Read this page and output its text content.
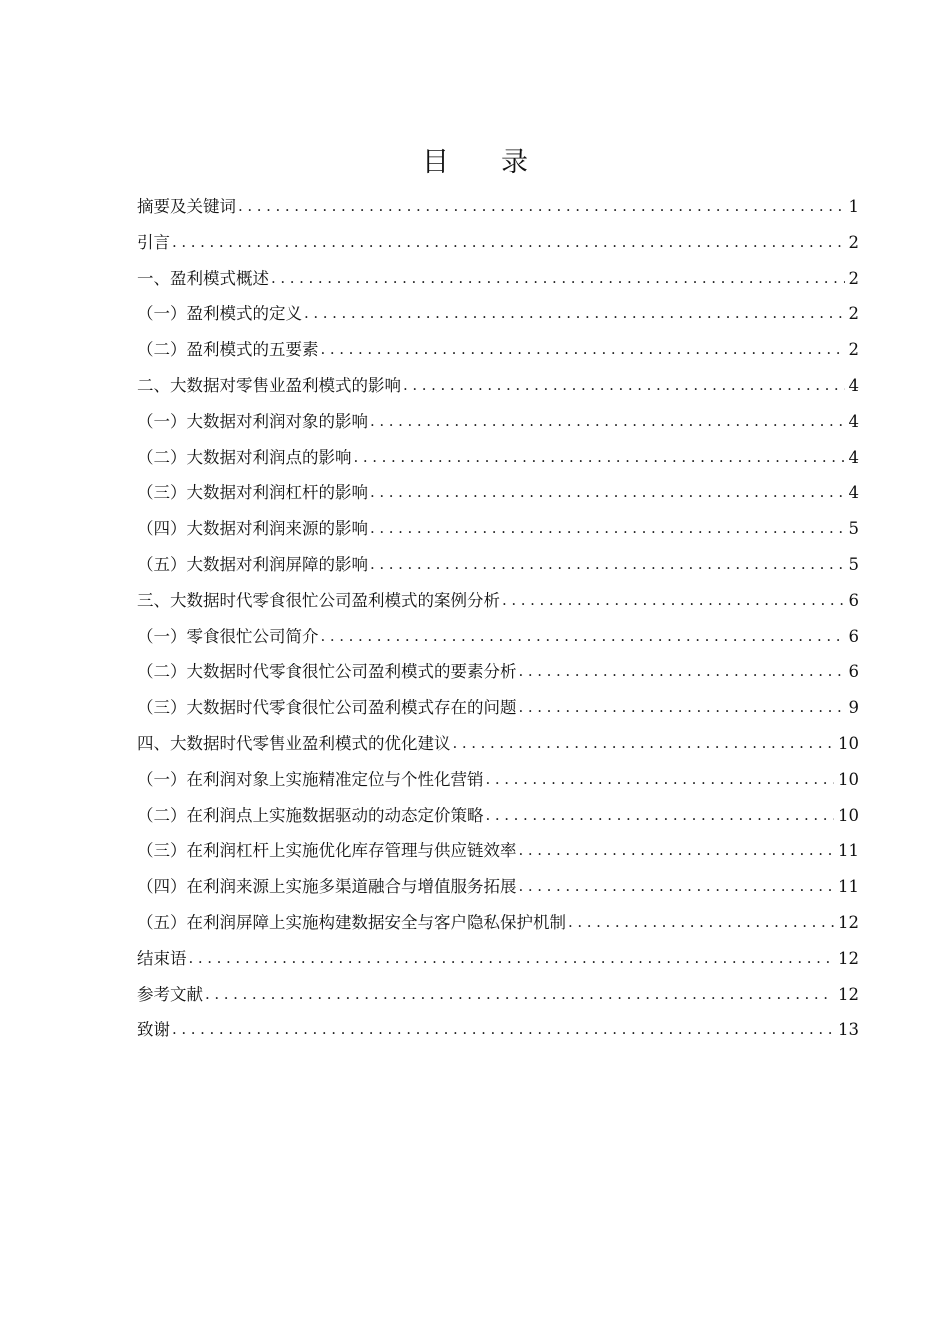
目 录
摘要及关键词 .....	1
引言 .....	2
一、盈利模式概述 .....	2
（一）盈利模式的定义 .....	2
（二）盈利模式的五要素 .....	2
二、大数据对零售业盈利模式的影响 .....	4
（一）大数据对利润对象的影响 .....	4
（二）大数据对利润点的影响 .....	4
（三）大数据对利润杠杆的影响 .....	4
（四）大数据对利润来源的影响 .....	5
（五）大数据对利润屏障的影响 .....	5
三、大数据时代零食很忙公司盈利模式的案例分析 .....	6
（一）零食很忙公司简介 .....	6
（二）大数据时代零食很忙公司盈利模式的要素分析 .....	6
（三）大数据时代零食很忙公司盈利模式存在的问题 .....	9
四、大数据时代零售业盈利模式的优化建议 .....	10
（一）在利润对象上实施精准定位与个性化营销 .....	10
（二）在利润点上实施数据驱动的动态定价策略 .....	10
（三）在利润杠杆上实施优化库存管理与供应链效率 .....	11
（四）在利润来源上实施多渠道融合与增值服务拓展 .....	11
（五）在利润屏障上实施构建数据安全与客户隐私保护机制 .....	12
结束语 .....	12
参考文献 .....	12
致谢 .....	13
